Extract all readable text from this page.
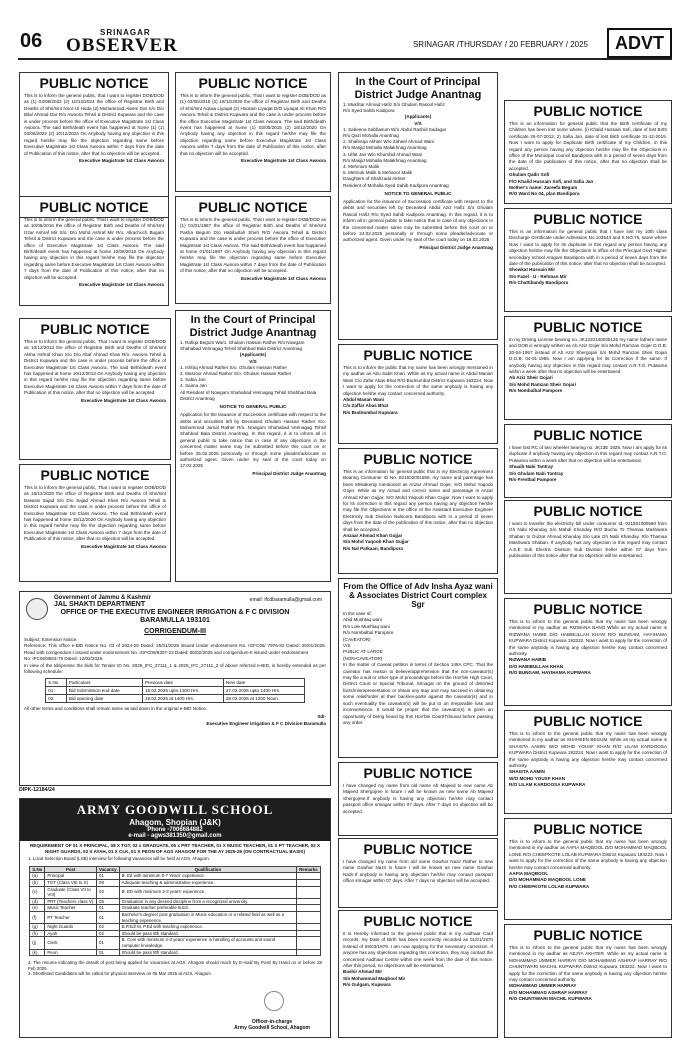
06	SRINAGAR
OBSERVER	SRINAGAR /THURSDAY / 20 FEBRUARY / 2025	ADVT
PUBLIC NOTICE

This is to inform the general public, that I want to register DOB/DOD as (1) 03/06/2022 (2) 10/12/2024 the office of Registrar Birth and Deaths of Shri/smt Noor-Ul Huda (2) Mohammad Aleem Dar S/o D/o Bilal Ahmad Dar R/o Awoora Tehsil & District Kupwara and the case is under process before the office of Executive Magistrate 1st Class Awoora. The said Birth/death event has happened at home (1) (1) 03/06/2022 (2) 10/12/2024 On Anybody having any objection in this regard he/she may file the objection regarding same before Executive Magistrate 1st Class Awoora within 7 days from the date of Publication of this notice, after that no objection will be accepted.

Executive Magistrate 1st Class Awoora
PUBLIC NOTICE

This is to inform the general public, That I want to register DOB/DOD as 10/08/2016 the office of Registrar Birth and Deaths of Shri/smt Izzar Ashraf Mir S/o. D/o Mohd Ashraf Mir R/o. Alkachuch Bugam Tehsil & District Kupwara and the case is under process before the office of Executive Magistrate 1st Class Awoora. The said Birth/death event has happened at home 10/08/2016 On Anybody having any objection in this regard he/she may file the objection regarding same before Executive Magistrate 1st Class Awoora within 7 days from the date of Publication of this notice, after that no objection will be accepted.

Executive Magistrate 1st Class Awoora
PUBLIC NOTICE

This is to inform the general public, That I want to register DOB/DOD as 10/12/2013 the office of Registrar Birth and Deaths of Shri/smt Alsha Ashraf Khan S/o D/o Altaf Ahmad Khan R/o. Awoora Tehsil & District Kupwara and the case is under process before the office of Executive Magistrate 1st Class Awoora. The said Birth/death event has happened at home 10/12/2013 On Anybody having any objection in this regard he/she may file the objection regarding same before Executive Magistrate 1st Class Awoora within 7 days from the date of Publication of this notice, after that no objection will be accepted.

Executive Magistrate 1st Class Awoora
PUBLIC NOTICE

This is to inform the general public, That I want to register DOB/DOD as 15/12/2020 the office of Registrar Birth and Deaths of Shri/smt Basarat Sajad S/o D/o Sajad Ahmad Khan R/o Awoora Tehsil & District Kupwara and the case is under process before the office of Executive Magistrate 1st Class Awoora. The said Birth/death event has happened at home 15/12/2020 On Anybody having any objection in this regard he/she may file the objection regarding same before Executive Magistrate 1st Class Awoora within 7 days from the date of Publication of this notice, after that no objection will be accepted.

Executive Magistrate 1st Class Awoora
PUBLIC NOTICE

This is to inform the general public, That I want to register DOB/DOD as (1) 03/05/2015 (2) 18/12/2020 the office of Registrar Birth and Deaths of Shri/smt Aqsaa Liyaqat (2) Hoorain Liyaqat D/O Liyaqat Ali Khan R/O Awoora Tehsil & District Kupwara and the case is under process before the office Executive Magistrate 1st Class Awoora. The said Birth/death event has happened at home (1) 03/05/2015 (2) 18/12/2020 On Anybody having any objection in this regard he/she may file the objection regarding same before Executive Magistrate 1st Class Awoora within 7 days from the date of Publication of this notice, after that no objection will be accepted.

Executive Magistrate 1st Class Awoora
PUBLIC NOTICE

This is to inform the general public, That I want to register DOB/DOD as (1) 01/01/1987 the office of Registrar Birth and Deaths of Shri/smt Pasha Begum D/o Habibullah Sheh R/O Awoora Tehsil & District Kupwara and the case is under process before the office of Executive Magistrate 1st Class Awoora. The said Birth/death event has happened at home 01/01/1987 On Anybody having any objection in this regard he/she may file the objection regarding same before Executive Magistrate 1st Class Awoora within 7 days from the date of Publication of this notice, after that no objection will be accepted.

Executive Magistrate 1st Class Awoora
In the Court of Principal District Judge Anantnag
1. Rafiqa Begum Wa/o. Ghulam Hassan Rather R/o Nowgam Shahabad Verinagag Tehsil Shahbad Bala District Anantnag
(Applicants)
V/S
1. Ishfaq Ahmad Rather S/o. Ghulam Hassan Rather
2. Masroor Ahmad Rather S/o. Ghulam Hassan Rather
3. Sabia Jan
4. Saima Jan
All Resident of Nowgam Shahabad Verinagag Tehsil Shahbad Bala District Anantnag
NOTICE TO GENERAL PUBLIC

Application for the issuance of Succession certificate with respect to the debts and securities left by Deceased Ghulam Hassan Rather S/o. Mohammad Jamal Rather R/o. Nowgam Shahabad Verinagag Tehsil Shahbad Bala District Anantnag. In this regard, it is to inform all in general public to take notice that in case of any objections in the concerned matter same may be submitted before this court on or before 25.02.2025 personally or through some pleader/advocate or authorized agent. Given under my seal of the court today on 17.02.2025

Principal District Judge Anantnag
In the Court of Principal District Judge Anantnag
1. Mukhtar Ahmad Hafiz S/o Ghulam Rasool Hafiz
R/o Syed Sahib Kadipora
(Applicants)
V/S
1. Sabeena Sabbasum W/o Abdul Rashid Sadagar
R/o Qazi Mohalla Anantnag
2. Shafeeqa Akhter W/o Zaheel Ahmad Wani
R/o Masjid Mohalla Malakhnag Anantnag
3. Ulfat Jan W/o Khurshid Ahmad Wani
R/o Masjid Mohalla Malakhnag Anantnag
4. Mehmum Malik
5. Mehnuk Malik & Mehaoor Malik
Daughters of Shahzada Akhter
Resident of Mohalla Syed Sahib Kadipora Anantnag
NOTICE TO GENERAL PUBLIC

Application for the issuance of Succession certificate with respect to the debts and securities left by Deceased Abdul Aziz Hafiz S/o Ghulam Rasool Hafiz R/o Syed Sahib Kadipora Anantnag. In this regard, it is to inform all in general public to take notice that in case of any objections in the concerned matter same may be submitted before this court on or before 24.02.2025 personally or through some pleader/advocate or authorized agent. Given under my seal of the court today on 18.02.2025

Principal District Judge Anantnag
PUBLIC NOTICE

This is to inform the public that my name has been wrongly mentioned in my aadhar as Abu Sabit Khan. While as my actual name is Abdul Manan Wani C/o Zafar Abas Bhat R/O Budnumbal District Kupwara 193224. Now I want to apply for the correction of the same anybody is having any objection he/she may contact concerned authority.

Abdul Manan Wani
C/o Zaffar Abas Bhat
R/o Budnumbal Kupwara

PUBLIC NOTICE

This is an information for general public that in my Electricity Agreement Bearing Consumer ID No. 021502001558, my name and parentage has been Mistakenly mentioned as Anzar Ahmad Gojer, S/O Mohd Yaqoob Gojer. While as my Actual and correct name and parentage is Anzar Ahmad Khan Gujjar, S/O Mohd Yaqoob Khan Gujjar. Now I want to apply for its correction in this regard any person having any objection he/she may file the Objections in the office of the Assistant Executive Engineer Electricity Sub Division Nalsoora Bandipora with in a period of seven days from the date of the publication of this notice, after that no objection shall be accepted.

Anzaar Ahmad Khan Gujjar
S/o Mohd Yaqoob Khan Gujjar
R/o Nal Patkaan, Bandipora

From the Office of Adv Insha Ayaz wani & Associates District Court complex Sgr

In the case of:
Abid Mushtaq wani
R/o Lole Mushtaq wani
R/o Nombalbal Pampore.
(CAVEATOR)
V/S
PUBLIC AT LARGE
(NON-CAVEATOR)
In the matter of Caveat petition in terms of Section 148A CPC. That the caveator has reason to believe/apprehension that the non-caveator(s) may file a suit or other type of proceedings before the Hon'ble High Court, District Court or Special Tribunal, Srinagar on the ground of distorted facts/misrepresentation or obtain any stay and may succeed in obtaining some relief/order at their back/ex-parte against the caveator(s) and in such eventuality the caveator(s) will be put to an irreparable loss and inconvenience. It would be proper that the caveator(s) is given an opportunity of being heard by this Hon'ble Court/Tribunal before passing any order.

PUBLIC NOTICE

I have changed my name from old name Ab Majeed to new name Ab Majeed Shergojree in future I will be known as new name Ab Majeed Shergojree.If anybody is having any objection he/she may contact passport office srinagar within 07 days. After 7 days no objection will be accepted.

PUBLIC NOTICE

I have changed my name from old name Gowhar Nazir Rather to new name Gowhar Nazir in future I will be known as new name Gowhar Nazir.If anybody is having any objection he/she may contact passport office srinagar within 07 days. After 7 days no objection will be accepted.

PUBLIC NOTICE

It is Hereby informed to the general public that in my Aadhaar Card records, my Date of Birth has been incorrectly recorded as 01/01/1970 instead of 05/03/1978. I am now applying for the necessary correction. If anyone has any objections regarding this correction, they may contact the concerned Aadhaar Centre within one week from the date of this notice. After this period, no objections will be entertained.

Bashir Ahmad Mir
S/o Mohammad Maqbool Mir
R/o Gulgam, Kupwara

PUBLIC NOTICE

This is an information for general public that the Birth certificate of my Children has been lost some where. (i) Khalid Hussain Sofi, date of lost Birth certificate 26-07-2012, 2) Safia Jan, date of lost Birth certificate 31-12-2015. Now I want to apply for Duplicate Birth certificate of my Children, in this regard any person having any objection he/she may file the Objections in office of the Municipal council Bandipora with in a period of seven days from the date of the publication of this notice, after that no objection shall be accepted.

Ghulam Qadir Sofi
F/O Khalid Hussain Sofi, and Safia Jan
Mother's name: Zareefa Begum
R/O Ward No 04, plan Bandipora

PUBLIC NOTICE

This is an information for general public that I have lost my 10th class Discharge Certificate under Admission No.103543 and S.NO.76, same where Now I want to apply for its duplicate in this regard any person having any objection he/she may file the Objections in office of the Principal Govt Higher secondary school Aragam Bandipora with in a period of seven days from the date of the publication of this notice, after that no objection shall be accepted.

Showkat Hussain Mir
S/o Fazel - U - Rehman Mir
R/o Chattibandy Bandipora

PUBLIC NOTICE

In my Driving License bearing no. JK1320140035126 my name fathers name and DOB is wrongly written as Ab Aziz Gojer S/o Mohd Ramzan Gojer D.O.B: 20-04-1957 instead of Ab Aziz Shergojari S/o Mohd Ramzan Sheir Gojari D.O.B: 04-01-1955. Now I am applying for its Correction if the same. If anybody having any objection in this regard may contact A.R.T.O. Pulwama within a week after that no objection will be entertained.

Ab Aziz Sheir Gojari
S/o Mohd Ramzan Sheir Gojari
R/o Nombalbal Pampore

PUBLIC NOTICE

I have lost RC of two wheeler bearing no. JK13E 1928. Now I am apply for its duplicate if anybody having any objection in this regard may contact A.R.T.O. Pulwama within a week after that no objection will be entertained.

Shuaib Nabi Tantray
S/o Ghulam Nabi Tantray
R/o Frestbal Pampore

PUBLIC NOTICE

I want to transfer the electricity bill under consumer Id. 021501000590 from Gh Nabi Khanday S/o Mahdi Khanday R/O Buchu To Thamaa Mashwara Shaban to Gulzar Ahmad Khanday S/o Late Gh Nabi Khanday. R/o Thamaa Mashwara Shaban. If anybody has any objection in this regard may contact A.E.E Sub Electric Division Sub Division Keller within 07 days from publication of this notice after that no objection will be entertained.

PUBLIC NOTICE

This is to inform to the general public that my name has been wrongly mentioned in my aadhar as RIZWANA BANO While as my actual name is RIZWANA HABIB D/O HABIBULLAH KHAN R/O BUNGAM, HAYIHAMA KUPWARA District Kupwara 193222. Now I want to apply for the correction of the same anybody is having any objection he/she may contact concerned authority.

RIZWANA HABIB
D/O HABIBULLAH KHAN
R/O BUNGAM, HAYIHAMA KUPWARA

PUBLIC NOTICE

This is to inform to the general public that my name has been wrongly mentioned in my aadhar as SHAHEEN BEGUM. While as my actual name is SHAISTA AAMIN W/O MOHD YOUSF KHAN R/O LILAM KARDOOSA KUPWARA District Kupwara 193224. Now I want to apply for the correction of the same anybody is having any objection he/she may contact concerned authority.

SHAISTA AAMIN
W/O MOHD YOUSF KHAN
R/O LILAM KARDOOSA KUPWARA

PUBLIC NOTICE

This is to inform to the general public that my name has been wrongly mentioned in my aadhar as AAFIA MAQBOOL D/O MOHAMMAD MAQBOOL LONE R/O CHEEPKOTE LOLAB KUPWARA District Kupwara 193223. Now I want to apply for the correction of the same anybody is having any objection he/she may contact concerned authority.

AAFIA MAQBOOL
D/O MOHAMMAD MAQBOOL LONE
R/O CHEEPKOTE LOLAB KUPWARA

PUBLIC NOTICE

This is to inform to the general public that my name has been wrongly mentioned in my aadhar as AEJYA AKHTER. While as my actual name is MOHAMMAD UMMER HARRAY D/O MOHAMMAD ASHRAF HARRAY R/O CHUNTIWARI MACHIL KUPWARA District Kupwara 193222. Now I want to apply for the correction of the same anybody is having any objection he/she may contact concerned authority.

MOHAMMAD UMMER HARRAY
D/O MOHAMMAD ASHRAF HARRAY
R/O CHUNTIWARI MACHIL KUPWARA

Government of Jammu & Kashmir
JAL SHAKTI DEPARTMENT
email: ifcdbaramulla@gmail.com
OFFICE OF THE EXECUTIVE ENGINEER IRRIGATION & F C DIVISION
BARAMULLA 193101
CORRIGENDUM-III

Subject: Extension Notice.
Reference: This office e-BID Notice No. 03 of 2024-25 Dated: 25/01/2025 issued Under endorsement No. IGFC06/ 7976-92 Dated: 25/01/2025. Read with corrigendum-I issued under endorsement No. IGFC06/8307-23 Dated: 05/02/2025 and corrigendum-II issued under endorsement
No: IFC06/8563-79 Dated: 12/02/2025.
In view of the Idiripresse the bids for Tender ID No. 2025_IFC_27111_1 & 2025_IFC_27111_3 of above referred e-BID, is hereby extended as per following schedule:

S.No	Particulars	Previous date	New date
01.	Bid Submission end date	18.02.2025 upto 1300 Hrs.	27.02.2025 upto 1400 Hrs.
02.	Bid opening date	19.02.2025 at 1400 Hrs.	28.02.2025 at 1200 Noon.

All other terms and conditions shall remain same as laid down in the original e-BID Notice.

Sd/-
Executive Engineer Irrigation & F C Division Baramulla
DIPK-12184/24
ARMY GOODWILL SCHOOL
Ahagom, Shopian (J&K)
Phone -7006684882
e-mail - agws381350@gmail.com
REQUIREMENT OF 01 X PRINCIPAL, 08 X TGT, 02 x GRADUATE, 05 x PRT TEACHER, 01 X MUSIC TEACHER, 01 X PT TEACHER, 02 X NIGHT GUARDS, 02 X AYAH, 01 X CLK, 01 X PEON OF AGS AHAGOM FOR THE AY 2025-26 (ON CONTRACTUAL BASIS)
1. Local Selection Board (LSB) interview for following vacancies will be held at AGS, Ahagom.
S.No	Post	Vacancy	Qualification	Remarks
(a)	Principal	01	B. Ed with minimum 5-7 Years' experience.	
(b)	TGT (Class VIII to X)	08	Adequate teaching & administrative experience.	
(c)	Graduate (Class VII to VIII)	02	B. ED with minimum 2-3 years' experience.	
(d)	PRT (Teachers class V)	05	Graduation in any desired discipline from a recognized university.	
(e)	Music Teacher	01	Graduate teacher preferable B.Ed.	
(f)	PT Teacher	01	Bachelor's degree/ post graduation in Music education or a related field as well as a teaching experience.	
(g)	Night Guards	02	B.P.Ed/ M. P.Ed with teaching experience.	
(h)	Ayah	02	Should be pass 8th standard.	
(j)	Clerk	01	B. Com with minimum 2-3 years' experience in handling of accounts and sound computer knowledge.	
(k)	Peon	01	Should be pass 8th standard.	

2. The resume indicating the details of post being applied for vacancies at AGS, Ahagom should reach by E-mail/ By Post/ By Hand on or before 28 Feb 2025.
3. Shortlisted Candidates will be called for physical interview on 05 Mar 2025 at AGS, Ahagom.

Officer-in-charge
Army Goodwill School, Ahagom
